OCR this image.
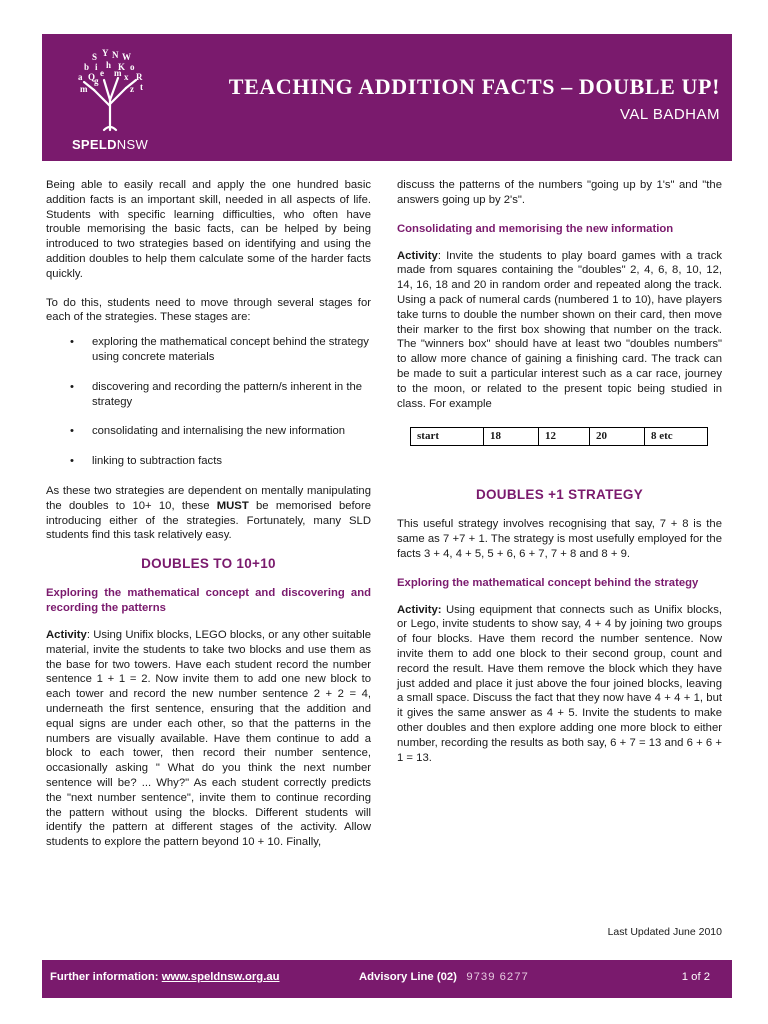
S Y N W
b i h K o
a Q	x R
m	z t
g
e m
SPELDNSW
TEACHING ADDITION FACTS – DOUBLE UP!
VAL BADHAM

Being able to easily recall and apply the one hundred basic addition facts is an important skill, needed in all aspects of life. Students with specific learning difficulties, who often have trouble memorising the basic facts, can be helped by being introduced to two strategies based on identifying and using the addition doubles to help them calculate some of the harder facts quickly.

To do this, students need to move through several stages for each of the strategies. These stages are:

• exploring the mathematical concept behind the strategy using concrete materials
• discovering and recording the pattern/s inherent in the strategy
• consolidating and internalising the new information
• linking to subtraction facts

As these two strategies are dependent on mentally manipulating the doubles to 10+ 10, these MUST be memorised before introducing either of the strategies. Fortunately, many SLD students find this task relatively easy.

DOUBLES TO 10+10
Exploring the mathematical concept and discovering and recording the patterns

Activity: Using Unifix blocks, LEGO blocks, or any other suitable material, invite the students to take two blocks and use them as the base for two towers. Have each student record the number sentence 1 + 1 = 2. Now invite them to add one new block to each tower and record the new number sentence 2 + 2 = 4, underneath the first sentence, ensuring that the addition and equal signs are under each other, so that the patterns in the numbers are visually available. Have them continue to add a block to each tower, then record their number sentence, occasionally asking " What do you think the next number sentence will be? ... Why?" As each student correctly predicts the "next number sentence", invite them to continue recording the pattern without using the blocks. Different students will identify the pattern at different stages of the activity. Allow students to explore the pattern beyond 10 + 10. Finally,

discuss the patterns of the numbers "going up by 1's" and "the answers going up by 2's".

Consolidating and memorising the new information

Activity: Invite the students to play board games with a track made from squares containing the "doubles" 2, 4, 6, 8, 10, 12, 14, 16, 18 and 20 in random order and repeated along the track. Using a pack of numeral cards (numbered 1 to 10), have players take turns to double the number shown on their card, then move their marker to the first box showing that number on the track. The "winners box" should have at least two "doubles numbers" to allow more chance of gaining a finishing card. The track can be made to suit a particular interest such as a car race, journey to the moon, or related to the present topic being studied in class. For example

start	18	12	20	8 etc
DOUBLES +1 STRATEGY

This useful strategy involves recognising that say, 7 + 8 is the same as 7 +7 + 1. The strategy is most usefully employed for the facts 3 + 4, 4 + 5, 5 + 6, 6 + 7, 7 + 8 and 8 + 9.

Exploring the mathematical concept behind the strategy

Activity: Using equipment that connects such as Unifix blocks, or Lego, invite students to show say, 4 + 4 by joining two groups of four blocks. Have them record the number sentence. Now invite them to add one block to their second group, count and record the result. Have them remove the block which they have just added and place it just above the four joined blocks, leaving a small space. Discuss the fact that they now have 4 + 4 + 1, but it gives the same answer as 4 + 5. Invite the students to make other doubles and then explore adding one more block to either number, recording the results as both say, 6 + 7 = 13 and 6 + 6 + 1 = 13.

Last Updated June 2010
Further information: www.speldnsw.org.au	Advisory Line (02) 9739 6277	1 of 2
